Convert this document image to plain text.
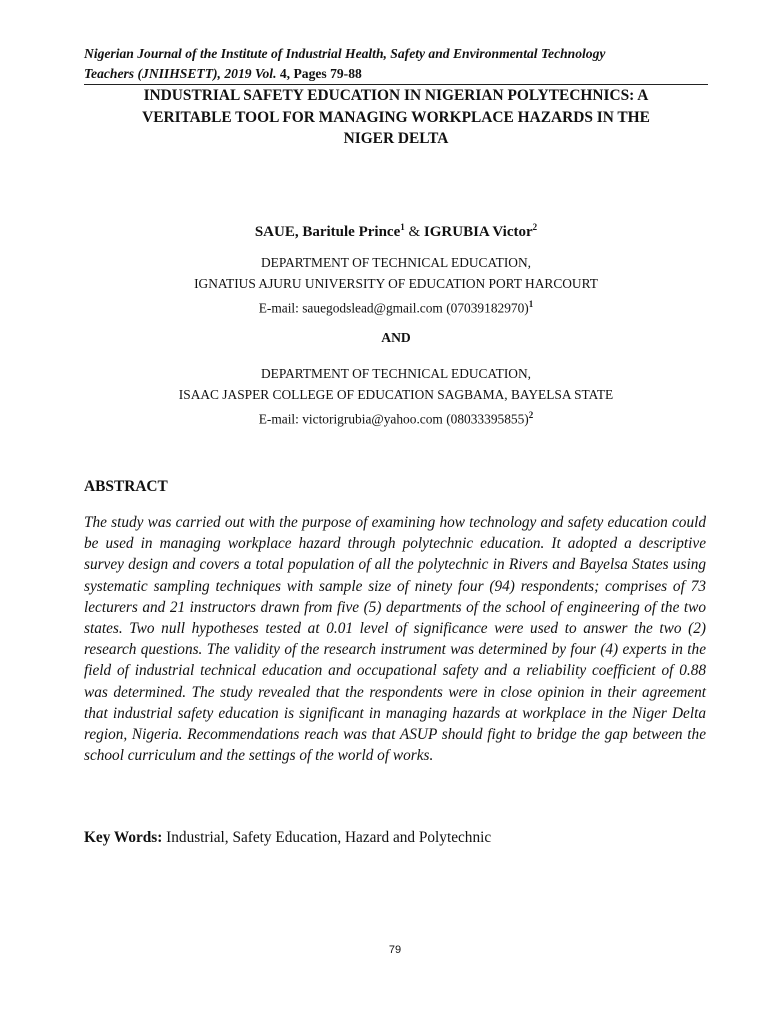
Nigerian Journal of the Institute of Industrial Health, Safety and Environmental Technology
Teachers (JNIIHSETT), 2019 Vol. 4, Pages 79-88
INDUSTRIAL SAFETY EDUCATION IN NIGERIAN POLYTECHNICS: A
VERITABLE TOOL FOR MANAGING WORKPLACE HAZARDS IN THE
NIGER DELTA
SAUE, Baritule Prince$^1$ & IGRUBIA Victor$^2$
DEPARTMENT OF TECHNICAL EDUCATION,
IGNATIUS AJURU UNIVERSITY OF EDUCATION PORT HARCOURT
E-mail: sauegodslead@gmail.com $(07039182970)^1$
AND
DEPARTMENT OF TECHNICAL EDUCATION,
ISAAC JASPER COLLEGE OF EDUCATION SAGBAMA, BAYELSA STATE
E-mail: victorigrubia@yahoo.com $(08033395855)^2$
ABSTRACT
The study was carried out with the purpose of examining how technology and safety education could be used in managing workplace hazard through polytechnic education. It adopted a descriptive survey design and covers a total population of all the polytechnic in Rivers and Bayelsa States using systematic sampling techniques with sample size of ninety four (94) respondents; comprises of 73 lecturers and 21 instructors drawn from five (5) departments of the school of engineering of the two states. Two null hypotheses tested at 0.01 level of significance were used to answer the two (2) research questions. The validity of the research instrument was determined by four (4) experts in the field of industrial technical education and occupational safety and a reliability coefficient of 0.88 was determined. The study revealed that the respondents were in close opinion in their agreement that industrial safety education is significant in managing hazards at workplace in the Niger Delta region, Nigeria. Recommendations reach was that ASUP should fight to bridge the gap between the school curriculum and the settings of the world of works.
Key Words: Industrial, Safety Education, Hazard and Polytechnic
79
